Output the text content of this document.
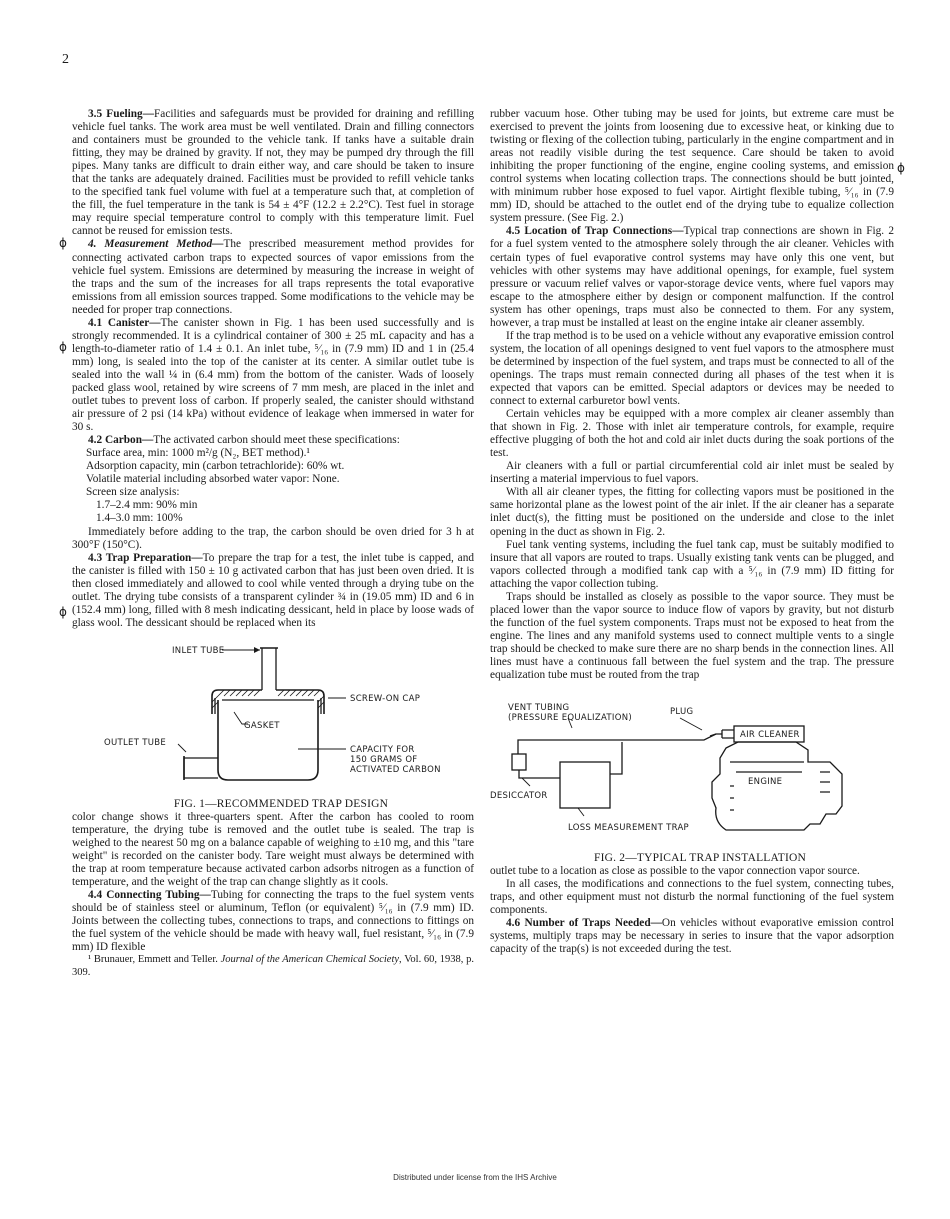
2
ϕ
ϕ
ϕ
ϕ

3.5 Fueling—Facilities and safeguards must be provided for draining and refilling vehicle fuel tanks. The work area must be well ventilated. Drain and filling connectors and containers must be grounded to the vehicle tank. If tanks have a suitable drain fitting, they may be drained by gravity. If not, they may be pumped dry through the fill pipes. Many tanks are difficult to drain either way, and care should be taken to insure that the tanks are adequately drained. Facilities must be provided to refill vehicle tanks to the specified tank fuel volume with fuel at a temperature such that, at completion of the fill, the fuel temperature in the tank is 54 ± 4°F (12.2 ± 2.2°C). Test fuel in storage may require special temperature control to comply with this temperature limit. Fuel cannot be reused for emission tests.

4. Measurement Method—The prescribed measurement method provides for connecting activated carbon traps to expected sources of vapor emissions from the vehicle fuel system. Emissions are determined by measuring the increase in weight of the traps and the sum of the increases for all traps represents the total evaporative emissions from all emission sources trapped. Some modifications to the vehicle may be needed for proper trap connections.

4.1 Canister—The canister shown in Fig. 1 has been used successfully and is strongly recommended. It is a cylindrical container of 300 ± 25 mL capacity and has a length-to-diameter ratio of 1.4 ± 0.1. An inlet tube, ⁵⁄₁₆ in (7.9 mm) ID and 1 in (25.4 mm) long, is sealed into the top of the canister at its center. A similar outlet tube is sealed into the wall ¼ in (6.4 mm) from the bottom of the canister. Wads of loosely packed glass wool, retained by wire screens of 7 mm mesh, are placed in the inlet and outlet tubes to prevent loss of carbon. If properly sealed, the canister should withstand air pressure of 2 psi (14 kPa) without evidence of leakage when immersed in water for 30 s.

4.2 Carbon—The activated carbon should meet these specifications:

Surface area, min: 1000 m²/g (N₂, BET method).¹

Adsorption capacity, min (carbon tetrachloride): 60% wt.

Volatile material including absorbed water vapor: None.

Screen size analysis:

1.7–2.4 mm: 90% min

1.4–3.0 mm: 100%

Immediately before adding to the trap, the carbon should be oven dried for 3 h at 300°F (150°C).

4.3 Trap Preparation—To prepare the trap for a test, the inlet tube is capped, and the canister is filled with 150 ± 10 g activated carbon that has just been oven dried. It is then closed immediately and allowed to cool while vented through a drying tube on the outlet. The drying tube consists of a transparent cylinder ¾ in (19.05 mm) ID and 6 in (152.4 mm) long, filled with 8 mesh indicating dessicant, held in place by loose wads of glass wool. The dessicant should be replaced when its

INLET TUBE
GASKET
SCREW-ON CAP
OUTLET TUBE
CAPACITY FOR
150 GRAMS OF
ACTIVATED CARBON

FIG. 1—RECOMMENDED TRAP DESIGN

color change shows it three-quarters spent. After the carbon has cooled to room temperature, the drying tube is removed and the outlet tube is sealed. The trap is weighed to the nearest 50 mg on a balance capable of weighing to ±10 mg, and this "tare weight" is recorded on the canister body. Tare weight must always be determined with the trap at room temperature because activated carbon adsorbs nitrogen as a function of temperature, and the weight of the trap can change slightly as it cools.

4.4 Connecting Tubing—Tubing for connecting the traps to the fuel system vents should be of stainless steel or aluminum, Teflon (or equivalent) ⁵⁄₁₆ in (7.9 mm) ID. Joints between the collecting tubes, connections to traps, and connections to fittings on the fuel system of the vehicle should be made with heavy wall, fuel resistant, ⁵⁄₁₆ in (7.9 mm) ID flexible

¹ Brunauer, Emmett and Teller. Journal of the American Chemical Society, Vol. 60, 1938, p. 309.

rubber vacuum hose. Other tubing may be used for joints, but extreme care must be exercised to prevent the joints from loosening due to excessive heat, or kinking due to twisting or flexing of the collection tubing, particularly in the engine compartment and in areas not readily visible during the test sequence. Care should be taken to avoid inhibiting the proper functioning of the engine, engine cooling systems, and emission control systems when locating collection traps. The connections should be butt jointed, with minimum rubber hose exposed to fuel vapor. Airtight flexible tubing, ⁵⁄₁₆ in (7.9 mm) ID, should be attached to the outlet end of the drying tube to equalize collection system pressure. (See Fig. 2.)

4.5 Location of Trap Connections—Typical trap connections are shown in Fig. 2 for a fuel system vented to the atmosphere solely through the air cleaner. Vehicles with certain types of fuel evaporative control systems may have only this one vent, but vehicles with other systems may have additional openings, for example, fuel system pressure or vacuum relief valves or vapor-storage device vents, where fuel vapors may escape to the atmosphere either by design or component malfunction. If the control system has other openings, traps must also be connected to them. For any system, however, a trap must be installed at least on the engine intake air cleaner assembly.

If the trap method is to be used on a vehicle without any evaporative emission control system, the location of all openings designed to vent fuel vapors to the atmosphere must be determined by inspection of the fuel system, and traps must be connected to all of the openings. The traps must remain connected during all phases of the test when it is expected that vapors can be emitted. Special adaptors or devices may be needed to connect to external carburetor bowl vents.

Certain vehicles may be equipped with a more complex air cleaner assembly than that shown in Fig. 2. Those with inlet air temperature controls, for example, require effective plugging of both the hot and cold air inlet ducts during the soak portions of the test.

Air cleaners with a full or partial circumferential cold air inlet must be sealed by inserting a material impervious to fuel vapors.

With all air cleaner types, the fitting for collecting vapors must be positioned in the same horizontal plane as the lowest point of the air inlet. If the air cleaner has a separate inlet duct(s), the fitting must be positioned on the underside and close to the inlet opening in the duct as shown in Fig. 2.

Fuel tank venting systems, including the fuel tank cap, must be suitably modified to insure that all vapors are routed to traps. Usually existing tank vents can be plugged, and vapors collected through a modified tank cap with a ⁵⁄₁₆ in (7.9 mm) ID fitting for attaching the vapor collection tubing.

Traps should be installed as closely as possible to the vapor source. They must be placed lower than the vapor source to induce flow of vapors by gravity, but not disturb the function of the fuel system components. Traps must not be exposed to heat from the engine. The lines and any manifold systems used to connect multiple vents to a single trap should be checked to make sure there are no sharp bends in the connection lines. All lines must have a continuous fall between the fuel system and the trap. The pressure equalization tube must be routed from the trap

VENT TUBING
(PRESSURE EQUALIZATION)
PLUG
AIR CLEANER
ENGINE
DESICCATOR
LOSS MEASUREMENT TRAP

FIG. 2—TYPICAL TRAP INSTALLATION

outlet tube to a location as close as possible to the vapor connection vapor source.

In all cases, the modifications and connections to the fuel system, connecting tubes, traps, and other equipment must not disturb the normal functioning of the fuel system components.

4.6 Number of Traps Needed—On vehicles without evaporative emission control systems, multiply traps may be necessary in series to insure that the vapor adsorption capacity of the trap(s) is not exceeded during the test.

Distributed under license from the IHS Archive
